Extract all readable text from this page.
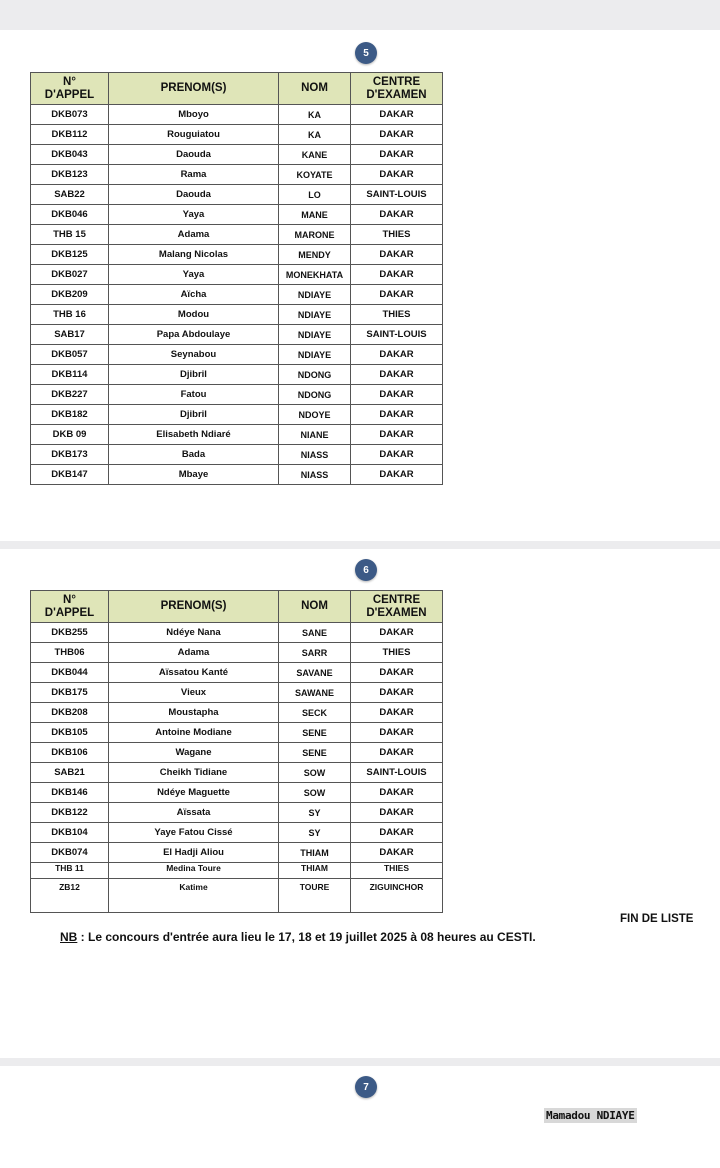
5
N°
D'APPEL	PRENOM(S)	NOM	CENTRE
D'EXAMEN
DKB073	Mboyo	KA	DAKAR
DKB112	Rouguiatou	KA	DAKAR
DKB043	Daouda	KANE	DAKAR
DKB123	Rama	KOYATE	DAKAR
SAB22	Daouda	LO	SAINT-LOUIS
DKB046	Yaya	MANE	DAKAR
THB 15	Adama	MARONE	THIES
DKB125	Malang Nicolas	MENDY	DAKAR
DKB027	Yaya	MONEKHATA	DAKAR
DKB209	Aïcha	NDIAYE	DAKAR
THB 16	Modou	NDIAYE	THIES
SAB17	Papa Abdoulaye	NDIAYE	SAINT-LOUIS
DKB057	Seynabou	NDIAYE	DAKAR
DKB114	Djibril	NDONG	DAKAR
DKB227	Fatou	NDONG	DAKAR
DKB182	Djibril	NDOYE	DAKAR
DKB 09	Elisabeth Ndiaré	NIANE	DAKAR
DKB173	Bada	NIASS	DAKAR
DKB147	Mbaye	NIASS	DAKAR
6
N°
D'APPEL	PRENOM(S)	NOM	CENTRE
D'EXAMEN
DKB255	Ndéye Nana	SANE	DAKAR
THB06	Adama	SARR	THIES
DKB044	Aïssatou Kanté	SAVANE	DAKAR
DKB175	Vieux	SAWANE	DAKAR
DKB208	Moustapha	SECK	DAKAR
DKB105	Antoine Modiane	SENE	DAKAR
DKB106	Wagane	SENE	DAKAR
SAB21	Cheikh Tidiane	SOW	SAINT-LOUIS
DKB146	Ndéye Maguette	SOW	DAKAR
DKB122	Aïssata	SY	DAKAR
DKB104	Yaye Fatou Cissé	SY	DAKAR
DKB074	El Hadji Aliou	THIAM	DAKAR
THB 11	Medina Toure	THIAM	THIES
ZB12	Katime	TOURE	ZIGUINCHOR
FIN DE LISTE
NB : Le concours d'entrée aura lieu le 17, 18 et 19 juillet 2025 à 08 heures au CESTI.
7
Mamadou NDIAYE
